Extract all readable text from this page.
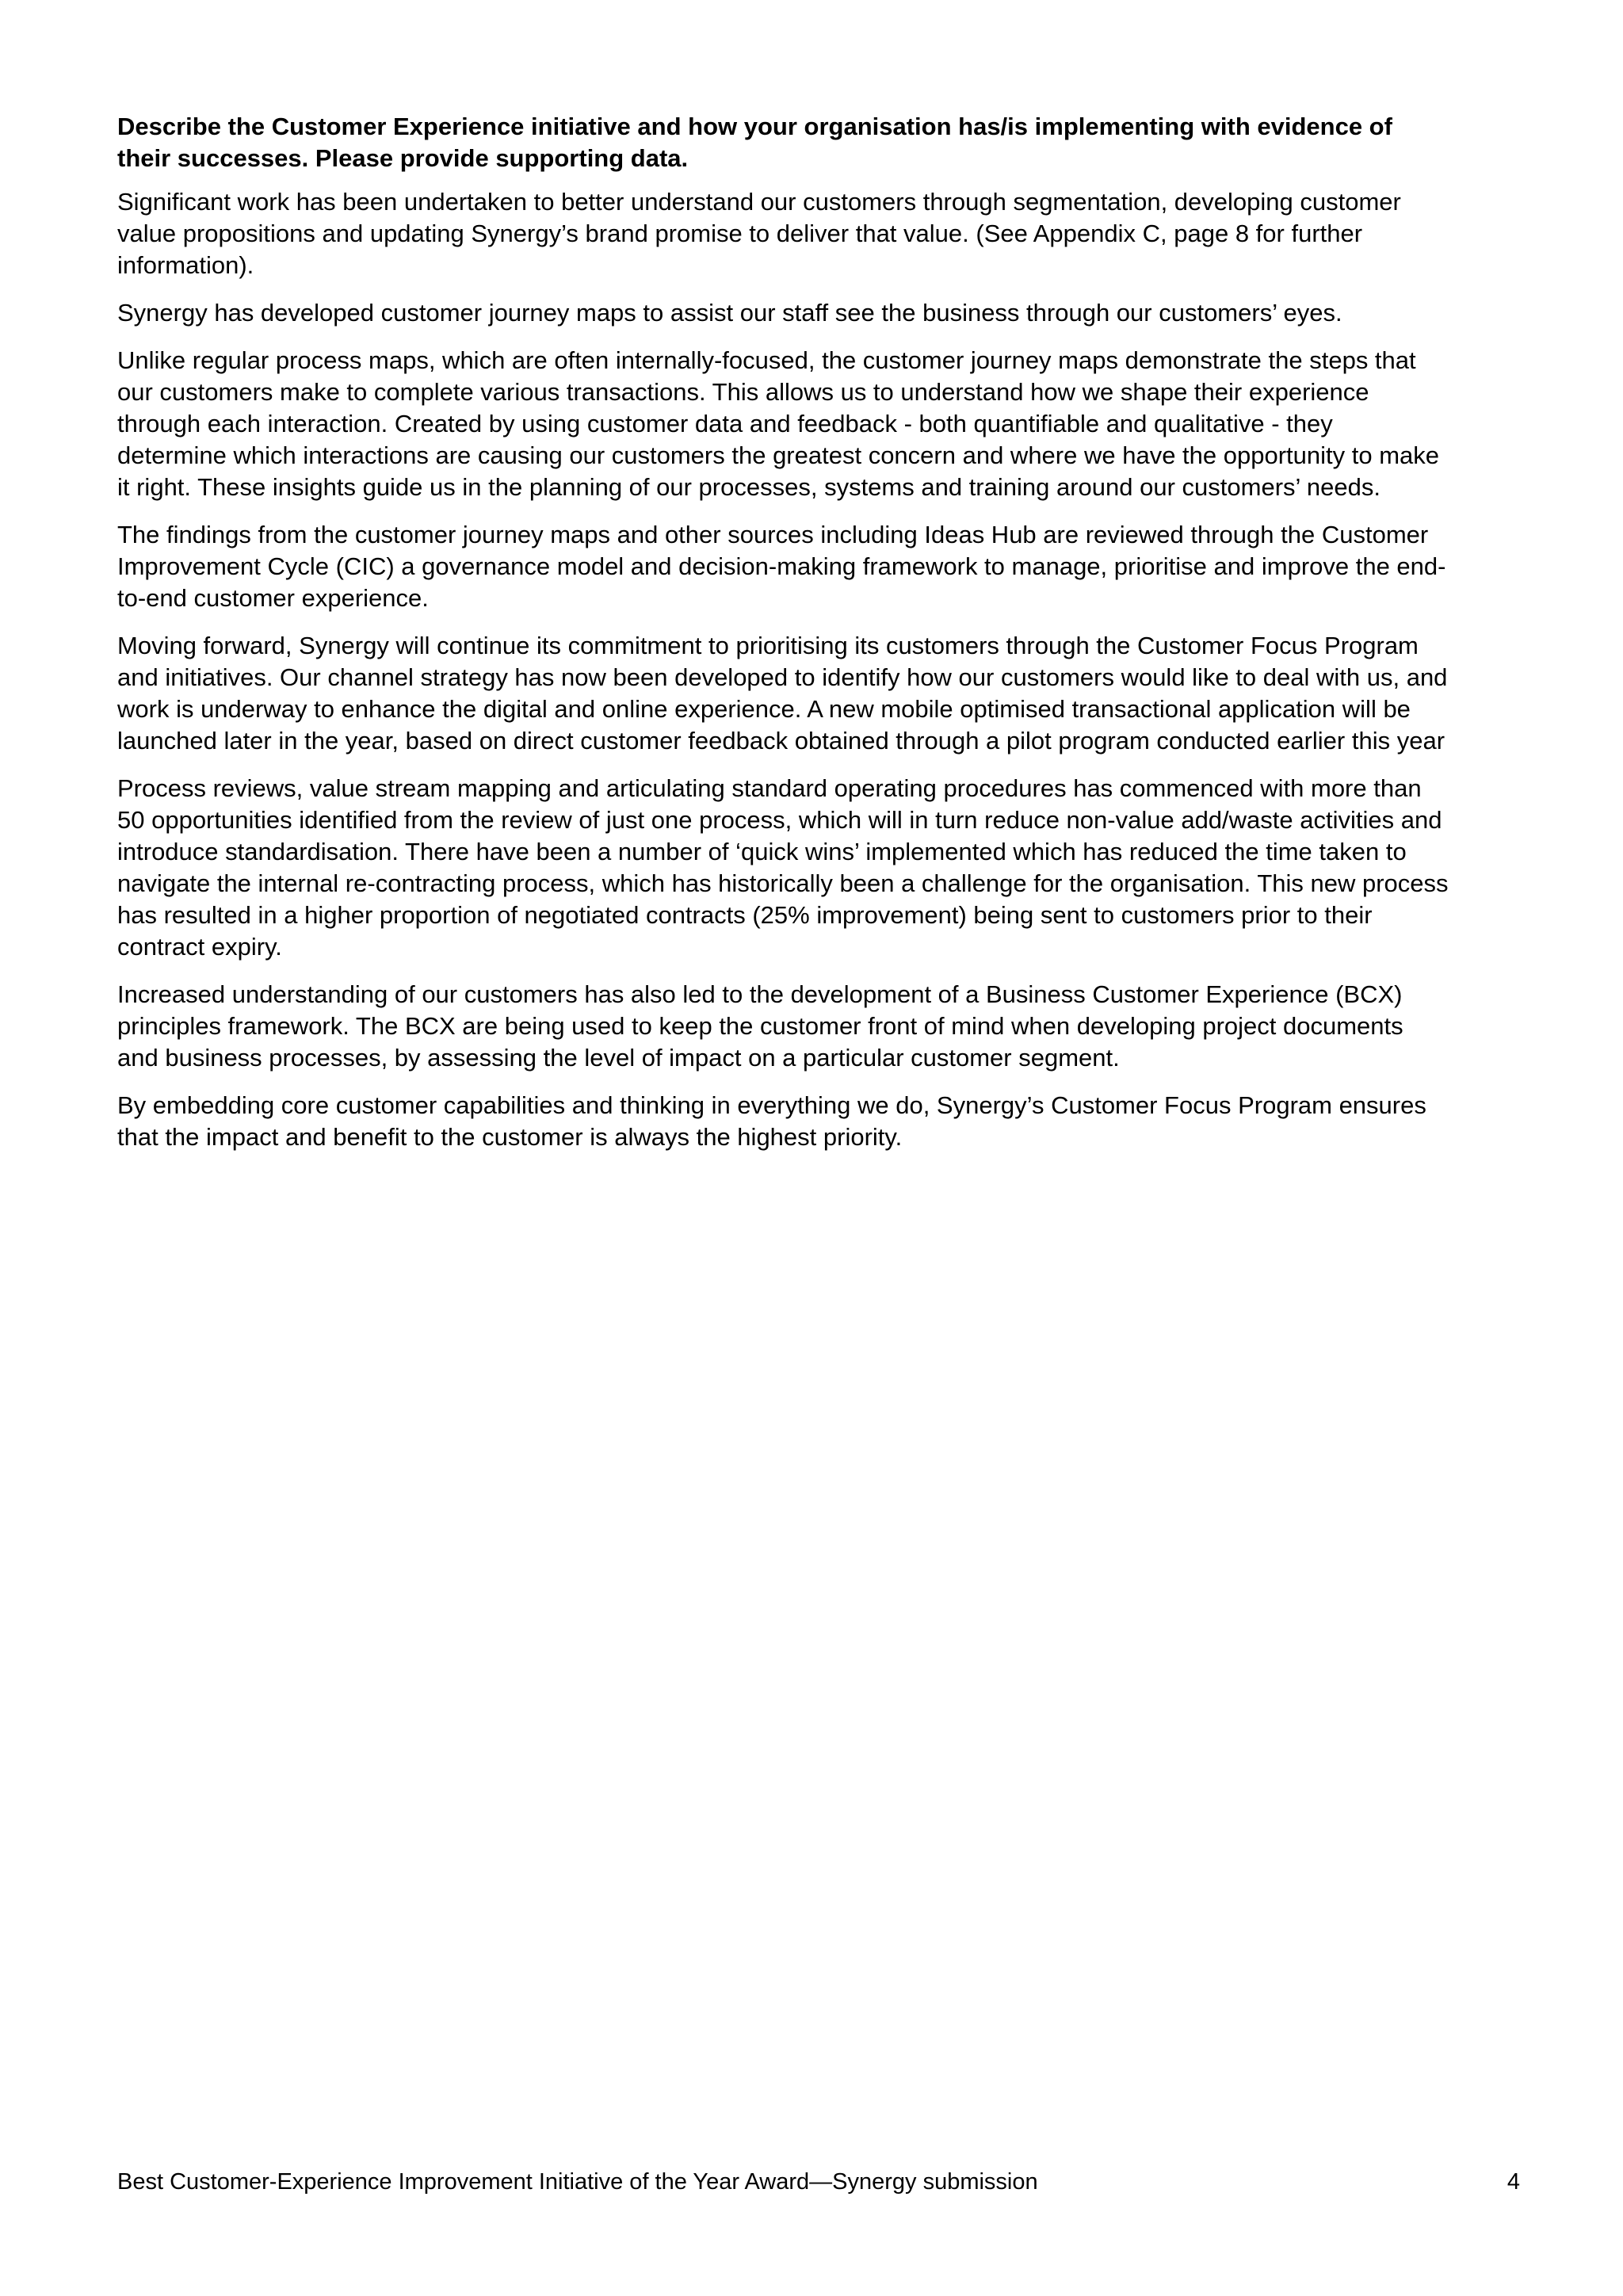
Describe the Customer Experience initiative and how your organisation has/is implementing with evidence of their successes. Please provide supporting data.

Significant work has been undertaken to better understand our customers through segmentation, developing customer value propositions and updating Synergy’s brand promise to deliver that value. (See Appendix C, page 8 for further information).

Synergy has developed customer journey maps to assist our staff see the business through our customers’ eyes.

Unlike regular process maps, which are often internally-focused, the customer journey maps demonstrate the steps that our customers make to complete various transactions. This allows us to understand how we shape their experience through each interaction. Created by using customer data and feedback - both quantifiable and qualitative - they determine which interactions are causing our customers the greatest concern and where we have the opportunity to make it right. These insights guide us in the planning of our processes, systems and training around our customers’ needs.

The findings from the customer journey maps and other sources including Ideas Hub are reviewed through the Customer Improvement Cycle (CIC) a governance model and decision-making framework to manage, prioritise and improve the end-to-end customer experience.

Moving forward, Synergy will continue its commitment to prioritising its customers through the Customer Focus Program and initiatives. Our channel strategy has now been developed to identify how our customers would like to deal with us, and work is underway to enhance the digital and online experience. A new mobile optimised transactional application will be launched later in the year, based on direct customer feedback obtained through a pilot program conducted earlier this year

Process reviews, value stream mapping and articulating standard operating procedures has commenced with more than 50 opportunities identified from the review of just one process, which will in turn reduce non-value add/waste activities and introduce standardisation. There have been a number of ‘quick wins’ implemented which has reduced the time taken to navigate the internal re-contracting process, which has historically been a challenge for the organisation. This new process has resulted in a higher proportion of negotiated contracts (25% improvement) being sent to customers prior to their contract expiry.

Increased understanding of our customers has also led to the development of a Business Customer Experience (BCX) principles framework. The BCX are being used to keep the customer front of mind when developing project documents and business processes, by assessing the level of impact on a particular customer segment.

By embedding core customer capabilities and thinking in everything we do, Synergy’s Customer Focus Program ensures that the impact and benefit to the customer is always the highest priority.

Best Customer-Experience Improvement Initiative of the Year Award—Synergy submission	4
